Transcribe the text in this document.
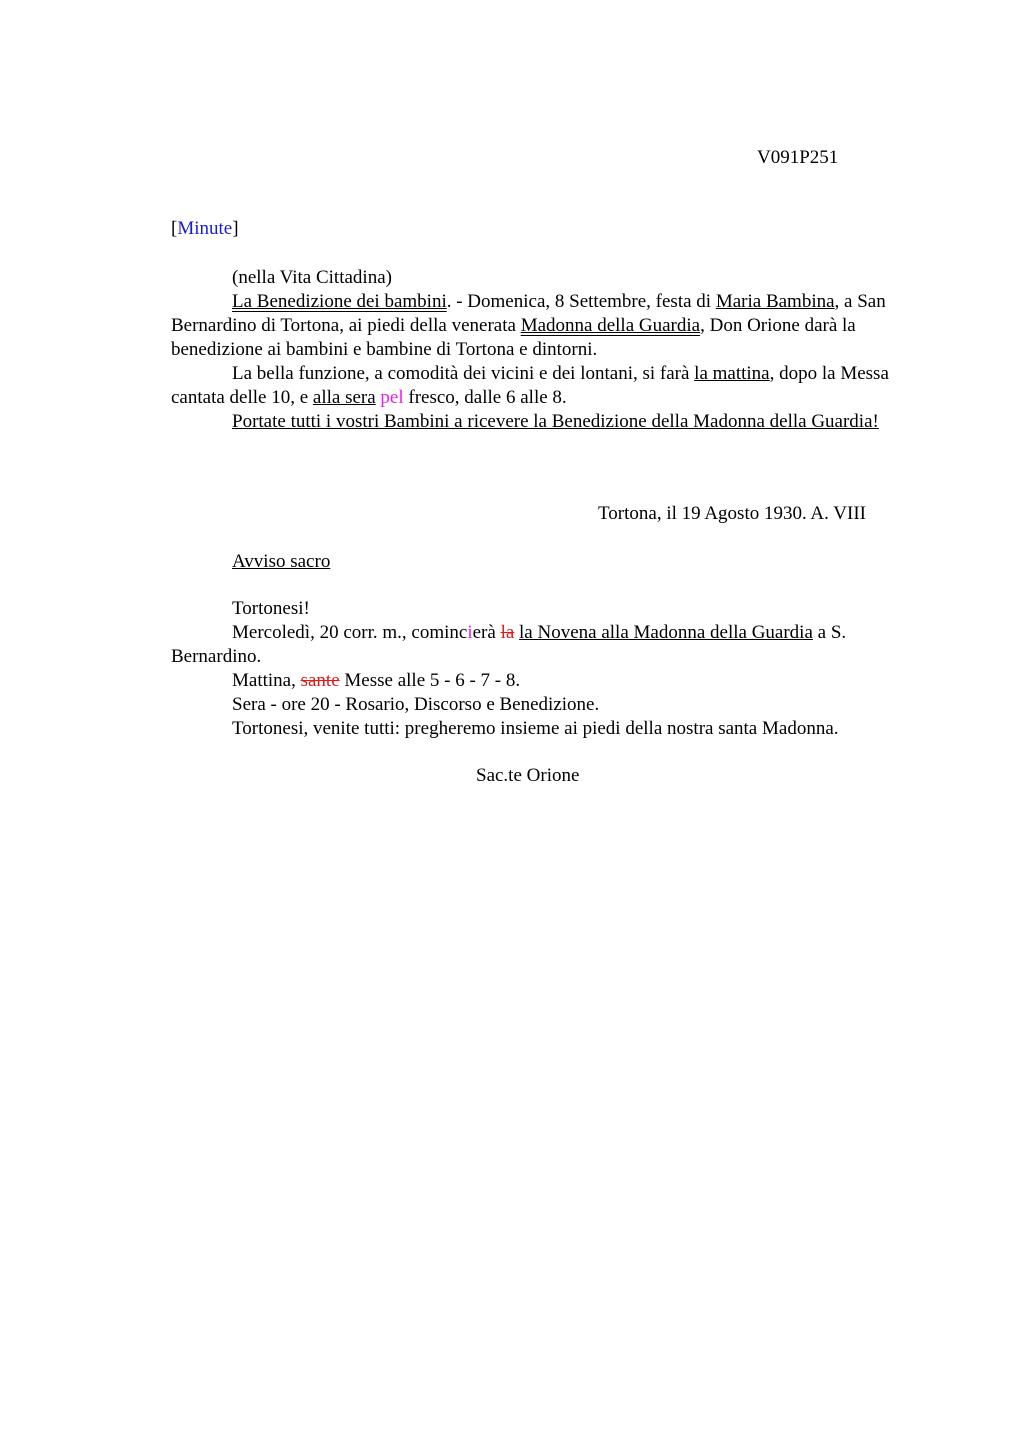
V091P251
[Minute]

(nella Vita Cittadina)

La Benedizione dei bambini. - Domenica, 8 Settembre, festa di Maria Bambina, a San Bernardino di Tortona, ai piedi della venerata Madonna della Guardia, Don Orione darà la benedizione ai bambini e bambine di Tortona e dintorni.

La bella funzione, a comodità dei vicini e dei lontani, si farà la mattina, dopo la Messa cantata delle 10, e alla sera pel fresco, dalle 6 alle 8.

Portate tutti i vostri Bambini a ricevere la Benedizione della Madonna della Guardia!

Tortona, il 19 Agosto 1930. A. VIII
Avviso sacro

Tortonesi!

Mercoledì, 20 corr. m., comincierà la la Novena alla Madonna della Guardia a S. Bernardino.

Mattina, sante Messe alle 5 - 6 - 7 - 8.

Sera - ore 20 - Rosario, Discorso e Benedizione.

Tortonesi, venite tutti: pregheremo insieme ai piedi della nostra santa Madonna.

Sac.te Orione
